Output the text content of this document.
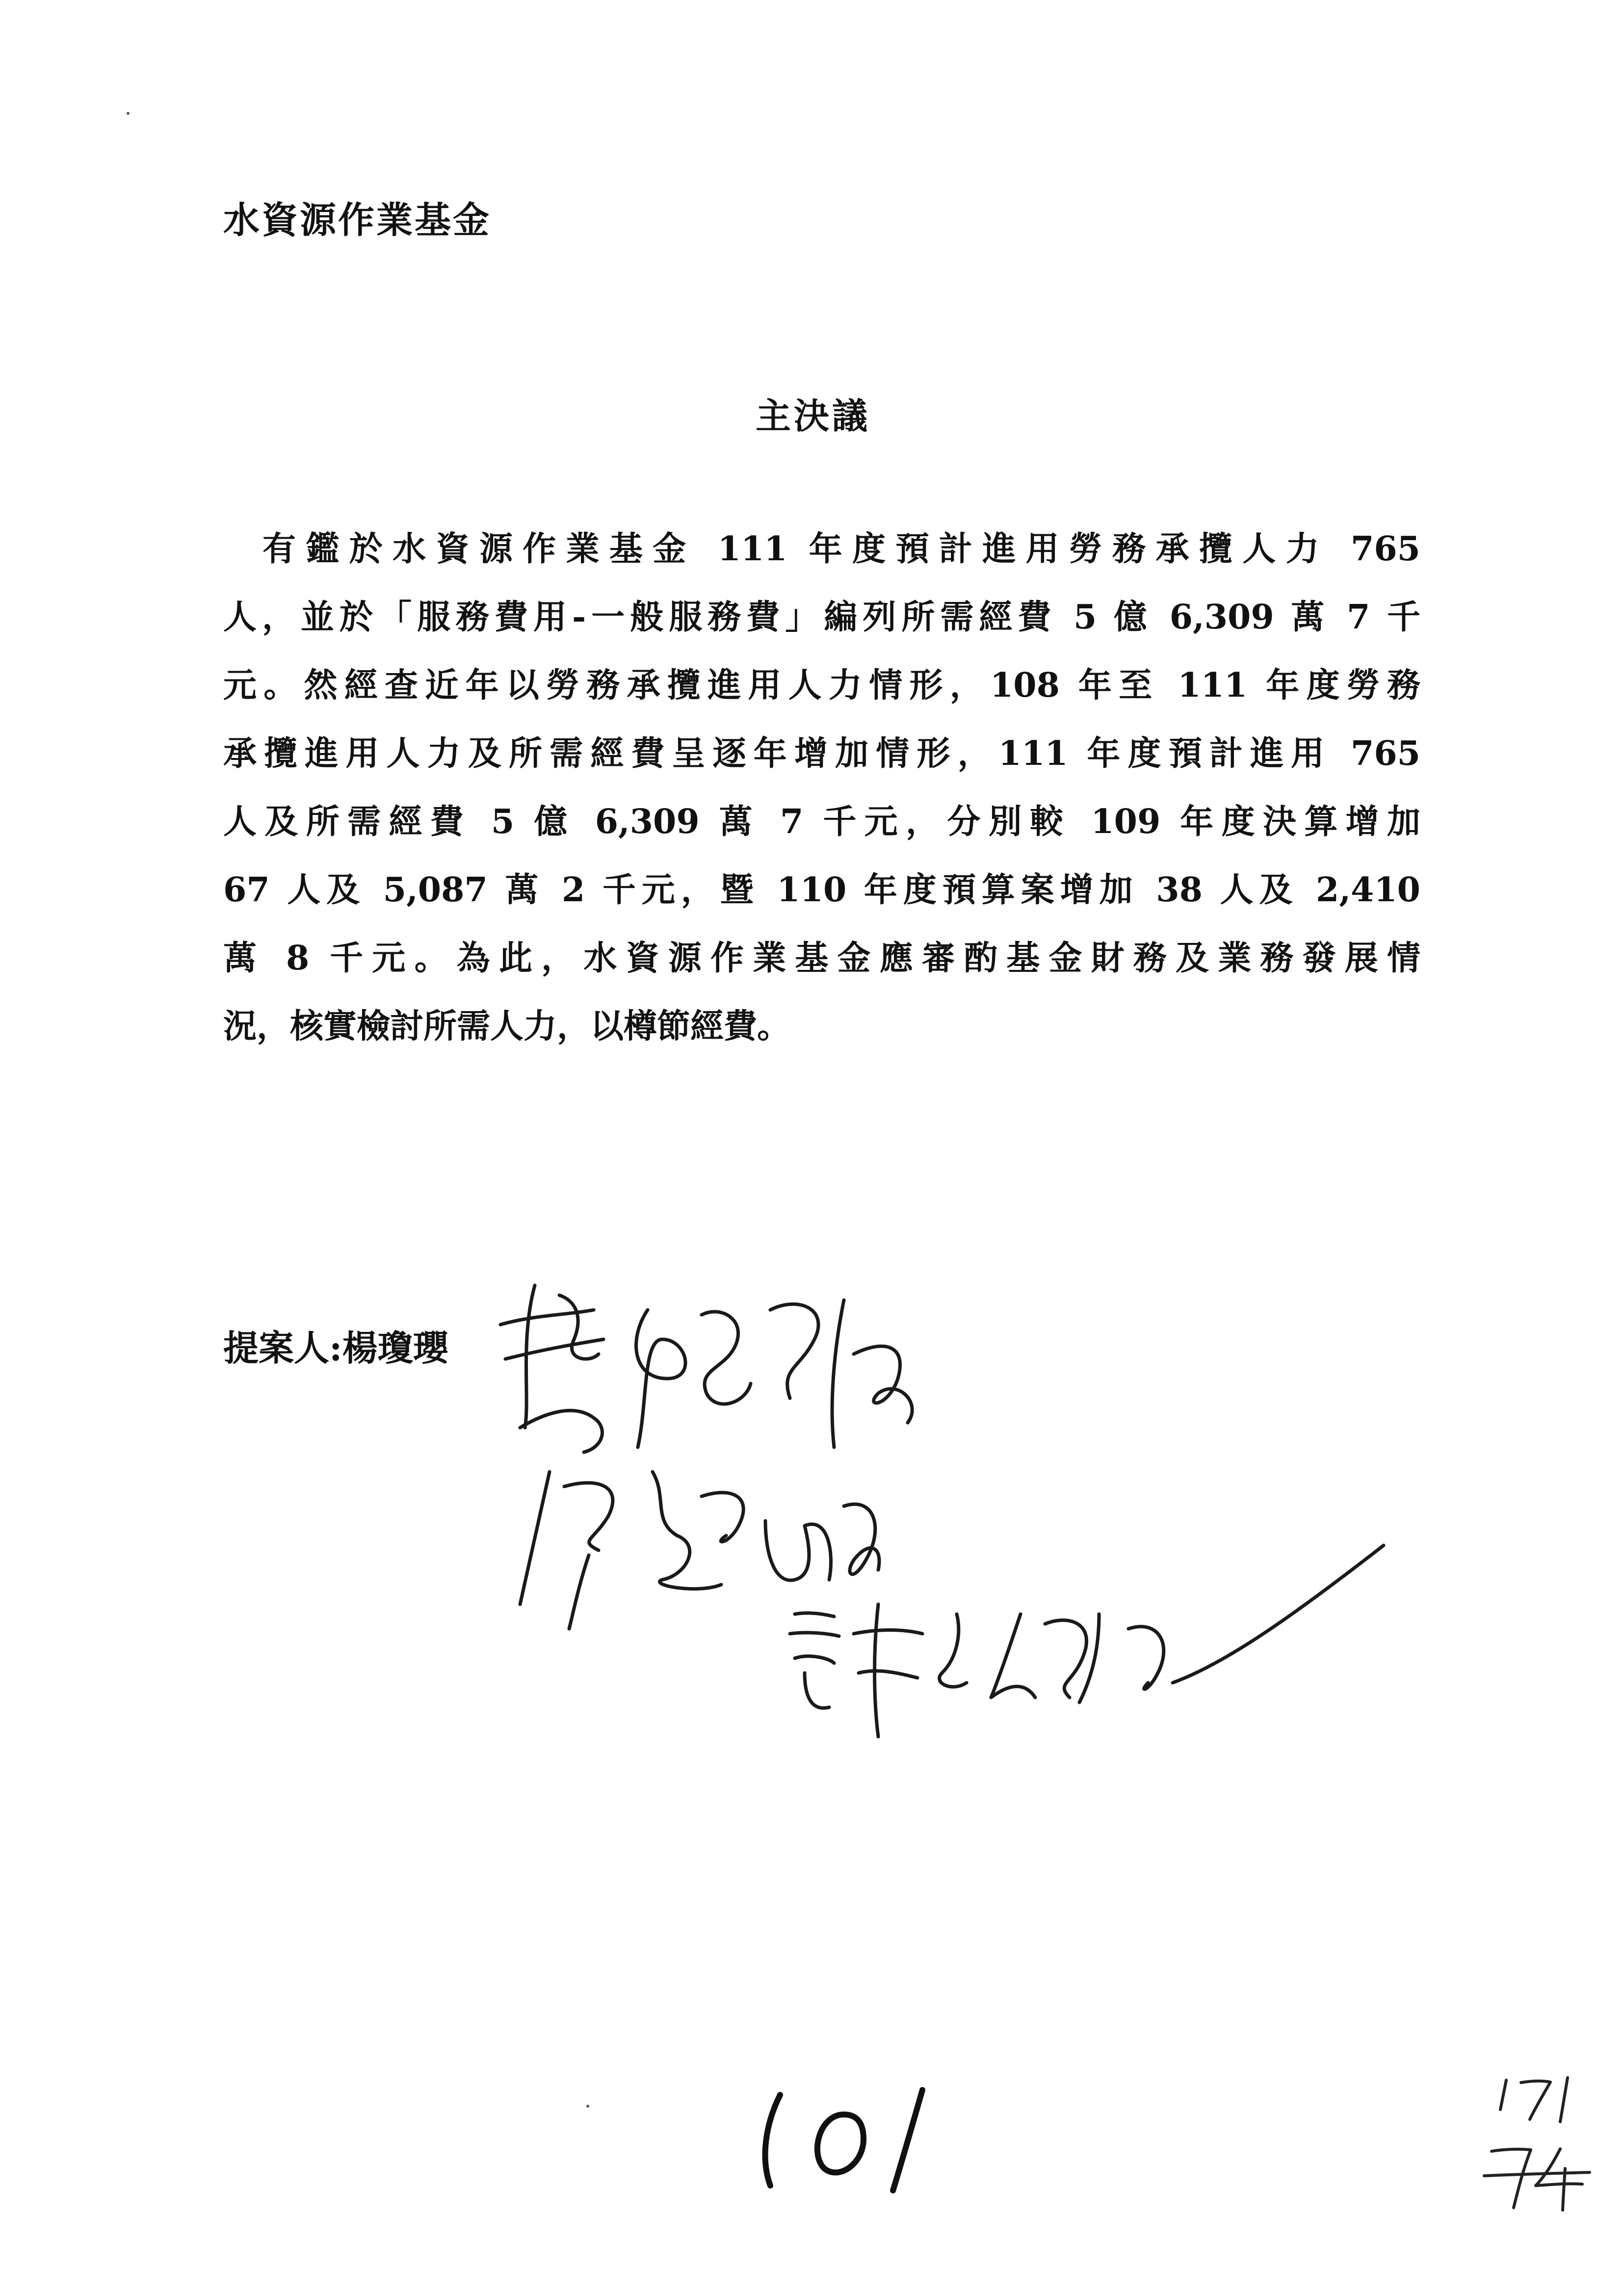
水資源作業基金
主決議
有鑑於水資源作業基金 111 年度預計進用勞務承攬人力 765
人，並於「服務費用-一般服務費」編列所需經費 5 億 6,309 萬 7 千
元。然經查近年以勞務承攬進用人力情形，108 年至 111 年度勞務
承攬進用人力及所需經費呈逐年增加情形，111 年度預計進用 765
人及所需經費 5 億 6,309 萬 7 千元，分別較 109 年度決算增加
67 人及 5,087 萬 2 千元，暨 110 年度預算案增加 38 人及 2,410
萬 8 千元。為此，水資源作業基金應審酌基金財務及業務發展情
況，核實檢討所需人力，以樽節經費。
提案人:楊瓊瓔
